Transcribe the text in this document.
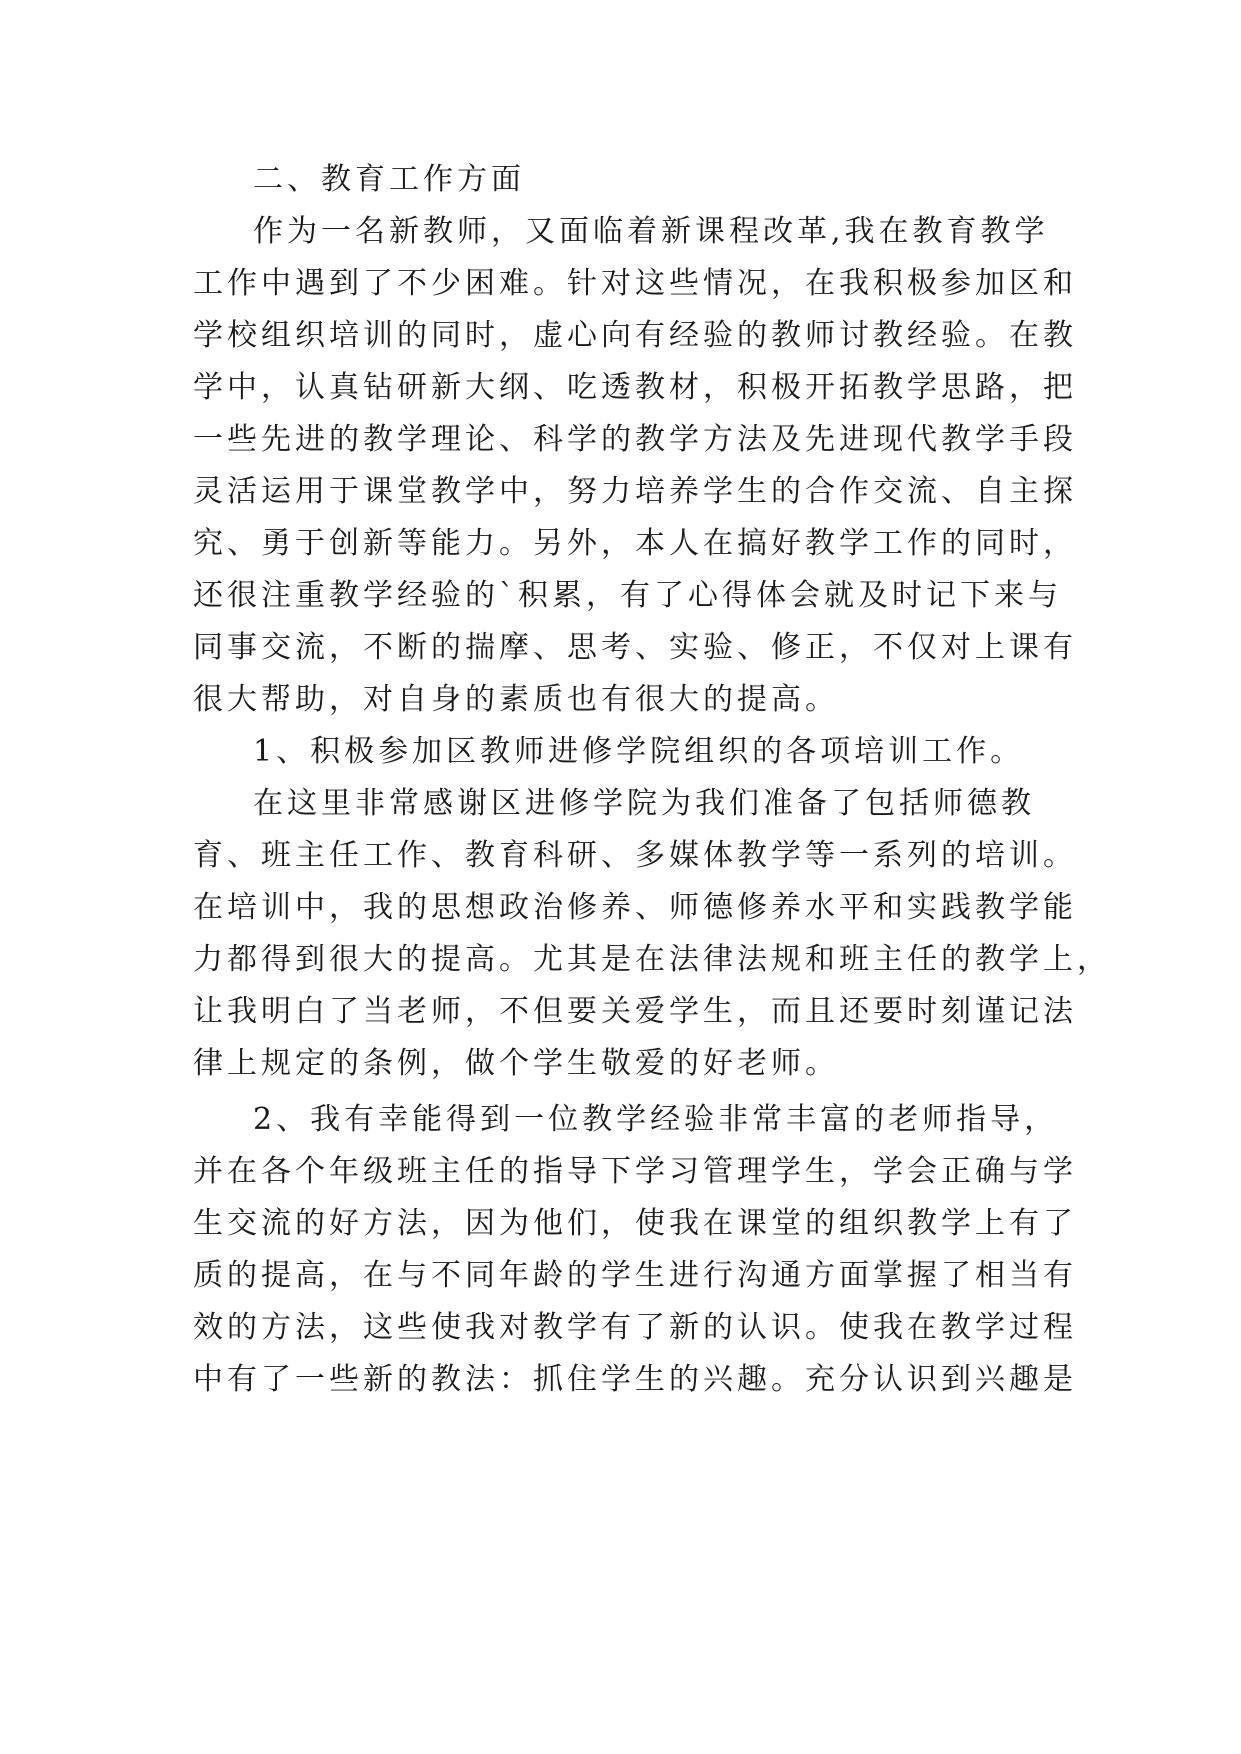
二、教育工作方面
作为一名新教师，又面临着新课程改革,我在教育教学
工作中遇到了不少困难。针对这些情况，在我积极参加区和
学校组织培训的同时，虚心向有经验的教师讨教经验。在教
学中，认真钻研新大纲、吃透教材，积极开拓教学思路，把
一些先进的教学理论、科学的教学方法及先进现代教学手段
灵活运用于课堂教学中，努力培养学生的合作交流、自主探
究、勇于创新等能力。另外，本人在搞好教学工作的同时，
还很注重教学经验的`积累，有了心得体会就及时记下来与
同事交流，不断的揣摩、思考、实验、修正，不仅对上课有
很大帮助，对自身的素质也有很大的提高。
1、积极参加区教师进修学院组织的各项培训工作。
在这里非常感谢区进修学院为我们准备了包括师德教
育、班主任工作、教育科研、多媒体教学等一系列的培训。
在培训中，我的思想政治修养、师德修养水平和实践教学能
力都得到很大的提高。尤其是在法律法规和班主任的教学上，
让我明白了当老师，不但要关爱学生，而且还要时刻谨记法
律上规定的条例，做个学生敬爱的好老师。
2、我有幸能得到一位教学经验非常丰富的老师指导，
并在各个年级班主任的指导下学习管理学生，学会正确与学
生交流的好方法，因为他们，使我在课堂的组织教学上有了
质的提高，在与不同年龄的学生进行沟通方面掌握了相当有
效的方法，这些使我对教学有了新的认识。使我在教学过程
中有了一些新的教法：抓住学生的兴趣。充分认识到兴趣是
